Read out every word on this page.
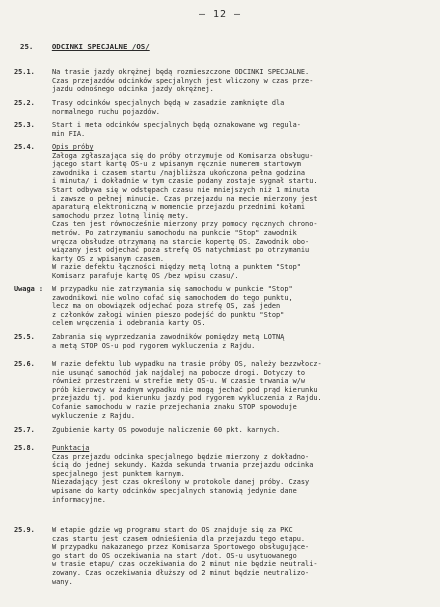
— 12 —
25. ODCINKI SPECJALNE /OS/
25.1.	Na trasie jazdy okrężnej będą rozmieszczone ODCINKI SPECJALNE.
Czas przejazdów odcinków specjalnych jest wliczony w czas prze-
jazdu odnośnego odcinka jazdy okrężnej.
25.2.	Trasy odcinków specjalnych będą w zasadzie zamknięte dla
normalnego ruchu pojazdów.
25.3.	Start i meta odcinków specjalnych będą oznakowane wg regula-
min FIA.
25.4.	Opis próby
Załoga zgłaszająca się do próby otrzymuje od Komisarza obsługu-
jącego start kartę OS-u z wpisanym ręcznie numerem startowym
zawodnika i czasem startu /najbliższa ukończona pełna godzina
i minuta/ i dokładnie w tym czasie podany zostaje sygnał startu.
Start odbywa się w odstępach czasu nie mniejszych niż 1 minuta
i zawsze o pełnej minucie. Czas przejazdu na mecie mierzony jest
aparaturą elektroniczną w momencie przejazdu przednimi kołami
samochodu przez lotną linię mety.
Czas ten jest równocześnie mierzony przy pomocy ręcznych chrono-
metrów. Po zatrzymaniu samochodu na punkcie "Stop" zawodnik
wręcza obsłudze otrzymaną na starcie kopertę OS. Zawodnik obo-
wiązany jest odjechać poza strefę OS natychmiast po otrzymaniu
karty OS z wpisanym czasem.
W razie defektu łączności między metą lotną a punktem "Stop"
Komisarz parafuje kartę OS /bez wpisu czasu/.
Uwaga :	W przypadku nie zatrzymania się samochodu w punkcie "Stop"
zawodnikowi nie wolno cofać się samochodem do tego punktu,
lecz ma on obowiązek odjechać poza strefę OS, zaś jeden
z członków załogi winien pieszo podejść do punktu "Stop"
celem wręczenia i odebrania karty OS.
25.5.	Zabrania się wyprzedzania zawodników pomiędzy metą LOTNĄ
a metą STOP OS-u pod rygorem wykluczenia z Rajdu.
25.6.	W razie defektu lub wypadku na trasie próby OS, należy bezzwłocz-
nie usunąć samochód jak najdalej na pobocze drogi. Dotyczy to
również przestrzeni w strefie mety OS-u. W czasie trwania w/w
prób kierowcy w żadnym wypadku nie mogą jechać pod prąd kierunku
przejazdu tj. pod kierunku jazdy pod rygorem wykluczenia z Rajdu.
Cofanie samochodu w razie przejechania znaku STOP spowoduje
wykluczenie z Rajdu.
25.7.	Zgubienie karty OS powoduje naliczenie 60 pkt. karnych.
25.8.	Punktacja
Czas przejazdu odcinka specjalnego będzie mierzony z dokładno-
ścią do jednej sekundy. Każda sekunda trwania przejazdu odcinka
specjalnego jest punktem karnym.
Niezadający jest czas określony w protokole danej próby. Czasy
wpisane do karty odcinków specjalnych stanowią jedynie dane
informacyjne.
25.9.	W etapie gdzie wg programu start do OS znajduje się za PKC
czas startu jest czasem odnieśienia dla przejazdu tego etapu.
W przypadku nakazanego przez Komisarza Sportowego obsługujące-
go start do OS oczekiwania na start /dot. OS-u usytuowanego
w trasie etapu/ czas oczekiwania do 2 minut nie będzie neutrali-
zowany. Czas oczekiwania dłuższy od 2 minut będzie neutralizo-
wany.
